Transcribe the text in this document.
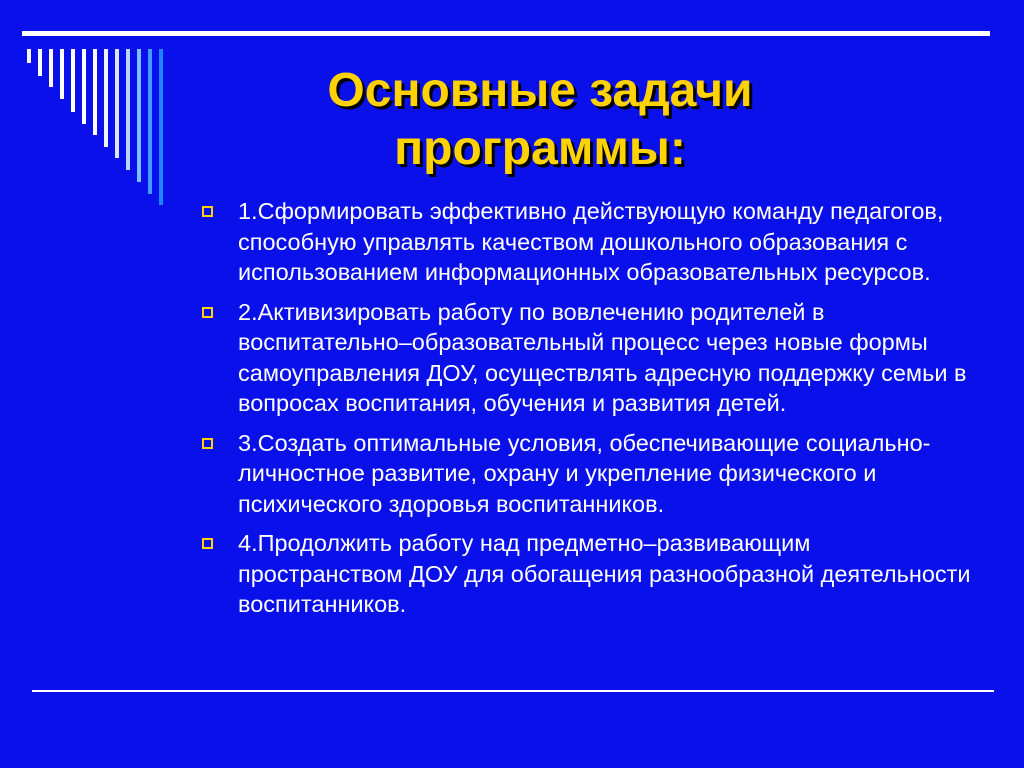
Основные задачи
программы:
1.Сформировать эффективно действующую команду педагогов, способную управлять качеством дошкольного образования с использованием информационных образовательных ресурсов.
2.Активизировать работу по вовлечению родителей в воспитательно–образовательный процесс через новые формы самоуправления ДОУ, осуществлять адресную поддержку семьи в вопросах воспитания, обучения и развития детей.
3.Создать оптимальные условия, обеспечивающие социально-личностное развитие, охрану и укрепление физического и психического здоровья воспитанников.
4.Продолжить работу над предметно–развивающим пространством ДОУ для обогащения разнообразной деятельности воспитанников.
